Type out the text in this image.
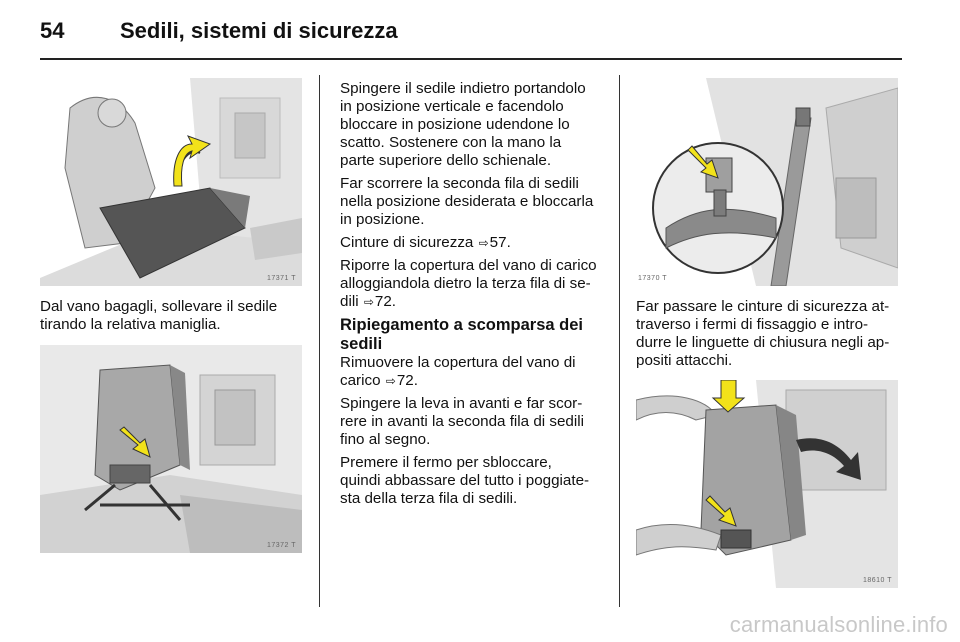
54	Sedili, sistemi di sicurezza
17371 T
Dal vano bagagli, sollevare il sedile
tirando la relativa maniglia.
17372 T

Spingere il sedile indietro portandolo
in posizione verticale e facendolo
bloccare in posizione udendone lo
scatto. Sostenere con la mano la
parte superiore dello schienale.

Far scorrere la seconda fila di sedili
nella posizione desiderata e bloccarla
in posizione.

Cinture di sicurezza ⇨57.

Riporre la copertura del vano di carico
alloggiandola dietro la terza fila di se-
dili ⇨72.

Ripiegamento a scomparsa dei
sedili

Rimuovere la copertura del vano di
carico ⇨72.

Spingere la leva in avanti e far scor-
rere in avanti la seconda fila di sedili
fino al segno.

Premere il fermo per sbloccare,
quindi abbassare del tutto i poggiate-
sta della terza fila di sedili.

17370 T
Far passare le cinture di sicurezza at-
traverso i fermi di fissaggio e intro-
durre le linguette di chiusura negli ap-
positi attacchi.
18610 T
carmanualsonline.info
